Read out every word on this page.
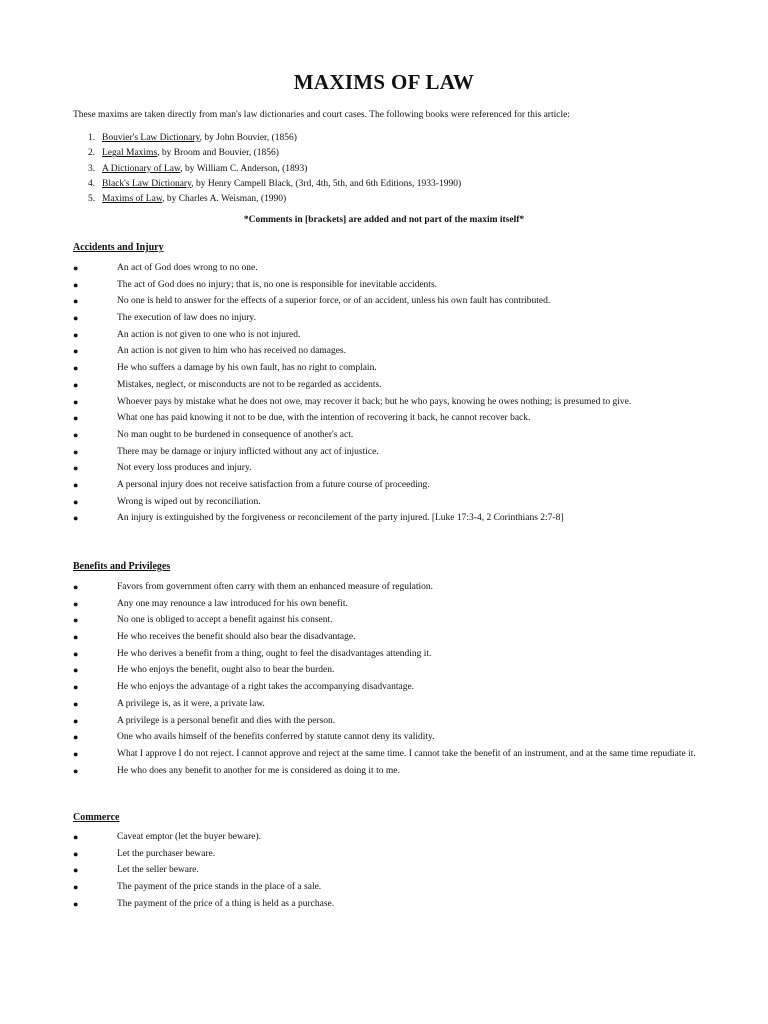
MAXIMS OF LAW
These maxims are taken directly from man's law dictionaries and court cases. The following books were referenced for this article:
1. Bouvier's Law Dictionary, by John Bouvier, (1856)
2. Legal Maxims, by Broom and Bouvier, (1856)
3. A Dictionary of Law, by William C. Anderson, (1893)
4. Black's Law Dictionary, by Henry Campell Black, (3rd, 4th, 5th, and 6th Editions, 1933-1990)
5. Maxims of Law, by Charles A. Weisman, (1990)
*Comments in [brackets] are added and not part of the maxim itself*
Accidents and Injury
●	An act of God does wrong to no one.
●	The act of God does no injury; that is, no one is responsible for inevitable accidents.
●	No one is held to answer for the effects of a superior force, or of an accident, unless his own fault has contributed.
●	The execution of law does no injury.
●	An action is not given to one who is not injured.
●	An action is not given to him who has received no damages.
●	He who suffers a damage by his own fault, has no right to complain.
●	Mistakes, neglect, or misconducts are not to be regarded as accidents.
●	Whoever pays by mistake what he does not owe, may recover it back; but he who pays, knowing he owes nothing; is presumed to give.
●	What one has paid knowing it not to be due, with the intention of recovering it back, he cannot recover back.
●	No man ought to be burdened in consequence of another's act.
●	There may be damage or injury inflicted without any act of injustice.
●	Not every loss produces and injury.
●	A personal injury does not receive satisfaction from a future course of proceeding.
●	Wrong is wiped out by reconciliation.
●	An injury is extinguished by the forgiveness or reconcilement of the party injured. [Luke 17:3-4, 2 Corinthians 2:7-8]
Benefits and Privileges
●	Favors from government often carry with them an enhanced measure of regulation.
●	Any one may renounce a law introduced for his own benefit.
●	No one is obliged to accept a benefit against his consent.
●	He who receives the benefit should also bear the disadvantage.
●	He who derives a benefit from a thing, ought to feel the disadvantages attending it.
●	He who enjoys the benefit, ought also to bear the burden.
●	He who enjoys the advantage of a right takes the accompanying disadvantage.
●	A privilege is, as it were, a private law.
●	A privilege is a personal benefit and dies with the person.
●	One who avails himself of the benefits conferred by statute cannot deny its validity.
●	What I approve I do not reject. I cannot approve and reject at the same time. I cannot take the benefit of an instrument, and at the same time repudiate it.
●	He who does any benefit to another for me is considered as doing it to me.
Commerce
●	Caveat emptor (let the buyer beware).
●	Let the purchaser beware.
●	Let the seller beware.
●	The payment of the price stands in the place of a sale.
●	The payment of the price of a thing is held as a purchase.
